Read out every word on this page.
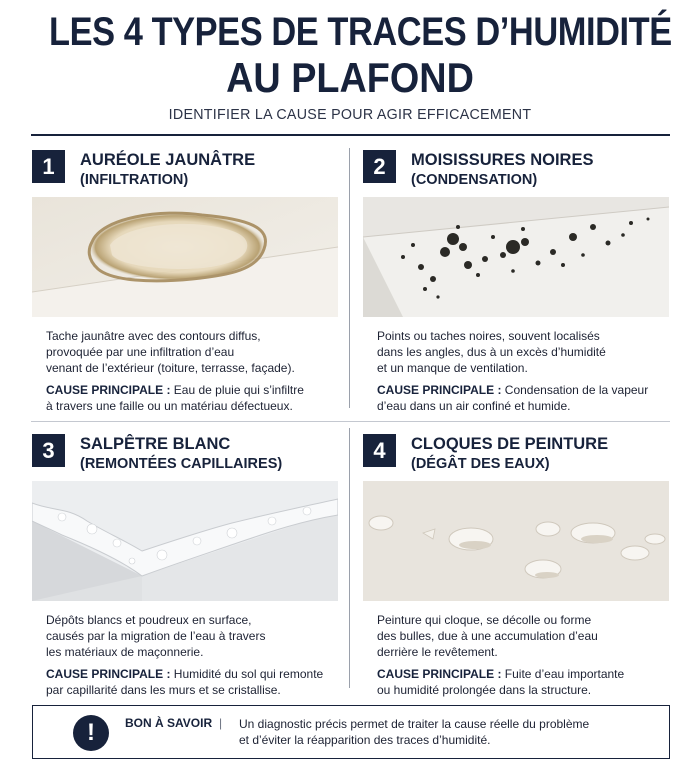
LES 4 TYPES DE TRACES D’HUMIDITÉ
AU PLAFOND
IDENTIFIER LA CAUSE POUR AGIR EFFICACEMENT
1	AURÉOLE JAUNÂTRE
(INFILTRATION)
Tache jaunâtre avec des contours diffus,
provoquée par une infiltration d’eau
venant de l’extérieur (toiture, terrasse, façade).
CAUSE PRINCIPALE : Eau de pluie qui s’infiltre
à travers une faille ou un matériau défectueux.
2	MOISISSURES NOIRES
(CONDENSATION)
Points ou taches noires, souvent localisés
dans les angles, dus à un excès d’humidité
et un manque de ventilation.
CAUSE PRINCIPALE : Condensation de la vapeur
d’eau dans un air confiné et humide.
3	SALPÊTRE BLANC
(REMONTÉES CAPILLAIRES)
Dépôts blancs et poudreux en surface,
causés par la migration de l’eau à travers
les matériaux de maçonnerie.
CAUSE PRINCIPALE : Humidité du sol qui remonte
par capillarité dans les murs et se cristallise.
4	CLOQUES DE PEINTURE
(DÉGÂT DES EAUX)
Peinture qui cloque, se décolle ou forme
des bulles, due à une accumulation d’eau
derrière le revêtement.
CAUSE PRINCIPALE : Fuite d’eau importante
ou humidité prolongée dans la structure.
!	BON À SAVOIR | Un diagnostic précis permet de traiter la cause réelle du problème
et d’éviter la réapparition des traces d’humidité.
